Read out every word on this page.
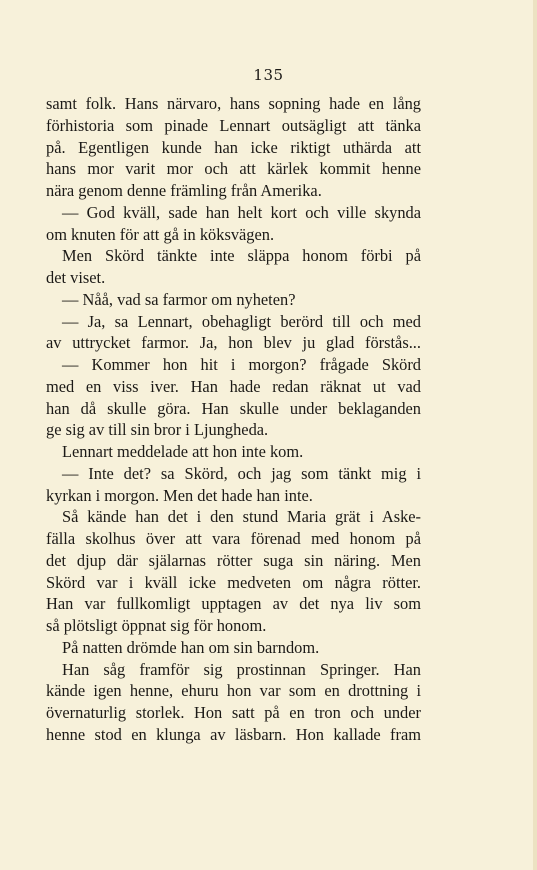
135
samt folk. Hans närvaro, hans sopning hade en lång
förhistoria som pinade Lennart outsägligt att tänka
på. Egentligen kunde han icke riktigt uthärda att
hans mor varit mor och att kärlek kommit henne
nära genom denne främling från Amerika.
— God kväll, sade han helt kort och ville skynda
om knuten för att gå in köksvägen.
Men Skörd tänkte inte släppa honom förbi på
det viset.
— Nåå, vad sa farmor om nyheten?
— Ja, sa Lennart, obehagligt berörd till och med
av uttrycket farmor. Ja, hon blev ju glad förstås...
— Kommer hon hit i morgon? frågade Skörd
med en viss iver. Han hade redan räknat ut vad
han då skulle göra. Han skulle under beklaganden
ge sig av till sin bror i Ljungheda.
Lennart meddelade att hon inte kom.
— Inte det? sa Skörd, och jag som tänkt mig i
kyrkan i morgon. Men det hade han inte.
Så kände han det i den stund Maria grät i Aske-
fälla skolhus över att vara förenad med honom på
det djup där själarnas rötter suga sin näring. Men
Skörd var i kväll icke medveten om några rötter.
Han var fullkomligt upptagen av det nya liv som
så plötsligt öppnat sig för honom.
På natten drömde han om sin barndom.
Han såg framför sig prostinnan Springer. Han
kände igen henne, ehuru hon var som en drottning i
övernaturlig storlek. Hon satt på en tron och under
henne stod en klunga av läsbarn. Hon kallade fram
